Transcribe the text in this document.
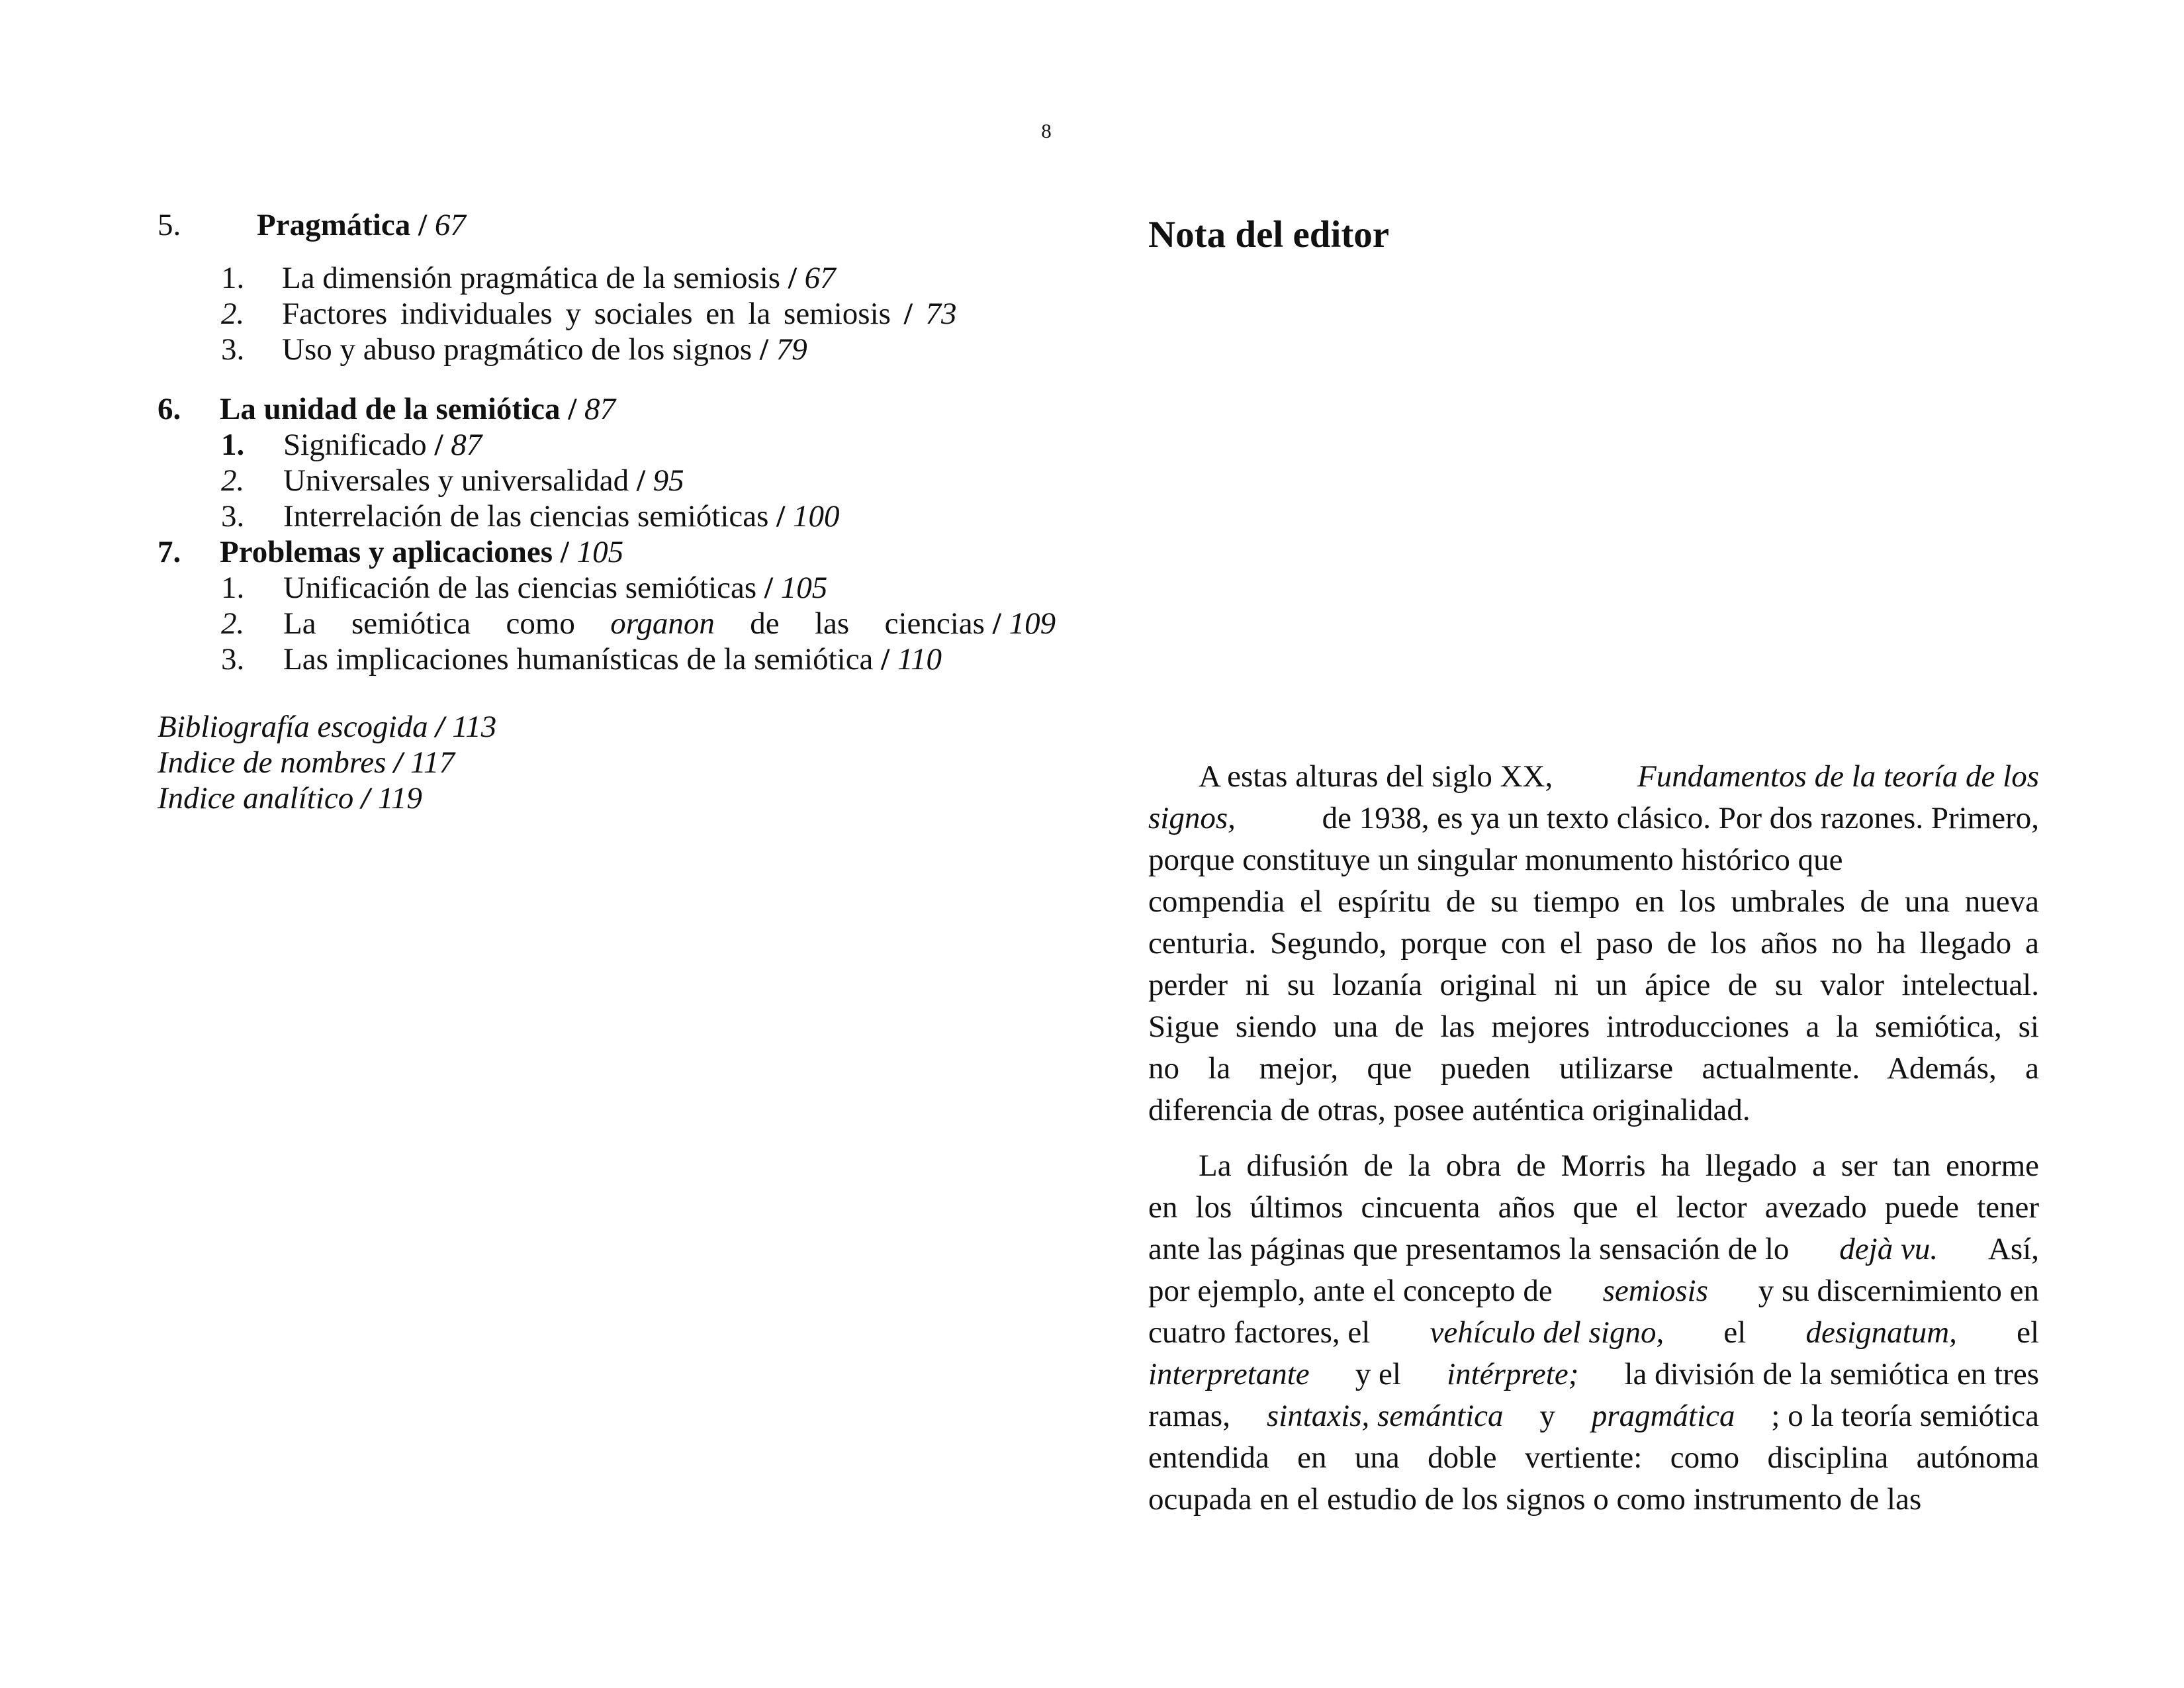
8
5. Pragmática / 67
1. La dimensión pragmática de la semiosis / 67
2. Factores individuales y sociales en la semiosis / 73
3. Uso y abuso pragmático de los signos / 79
6. La unidad de la semiótica / 87
1. Significado / 87
2. Universales y universalidad / 95
3. Interrelación de las ciencias semióticas / 100
7. Problemas y aplicaciones / 105
1. Unificación de las ciencias semióticas / 105
2. La semiótica como organon de las ciencias / 109
3. Las implicaciones humanísticas de la semiótica / 110
Bibliografía escogida / 113
Indice de nombres / 117
Indice analítico / 119
Nota del editor
A estas alturas del siglo XX,	Fundamentos de la teoría de los
signos,	de 1938, es ya un texto clásico. Por dos razones. Primero,
porque constituye un singular monumento histórico que
compendia el espíritu de su tiempo en los umbrales de una nueva
centuria. Segundo, porque con el paso de los años no ha llegado a
perder ni su lozanía original ni un ápice de su valor intelectual.
Sigue siendo una de las mejores introducciones a la semiótica, si
no la mejor, que pueden utilizarse actualmente. Además, a
diferencia de otras, posee auténtica originalidad.
La difusión de la obra de Morris ha llegado a ser tan enorme
en los últimos cincuenta años que el lector avezado puede tener
ante las páginas que presentamos la sensación de lo dejà vu. Así,
por ejemplo, ante el concepto de semiosis y su discernimiento en
cuatro factores, el vehículo del signo, el designatum, el
interpretante y el intérprete; la división de la semiótica en tres
ramas, sintaxis, semántica y pragmática ; o la teoría semiótica
entendida en una doble vertiente: como disciplina autónoma
ocupada en el estudio de los signos o como instrumento de las
